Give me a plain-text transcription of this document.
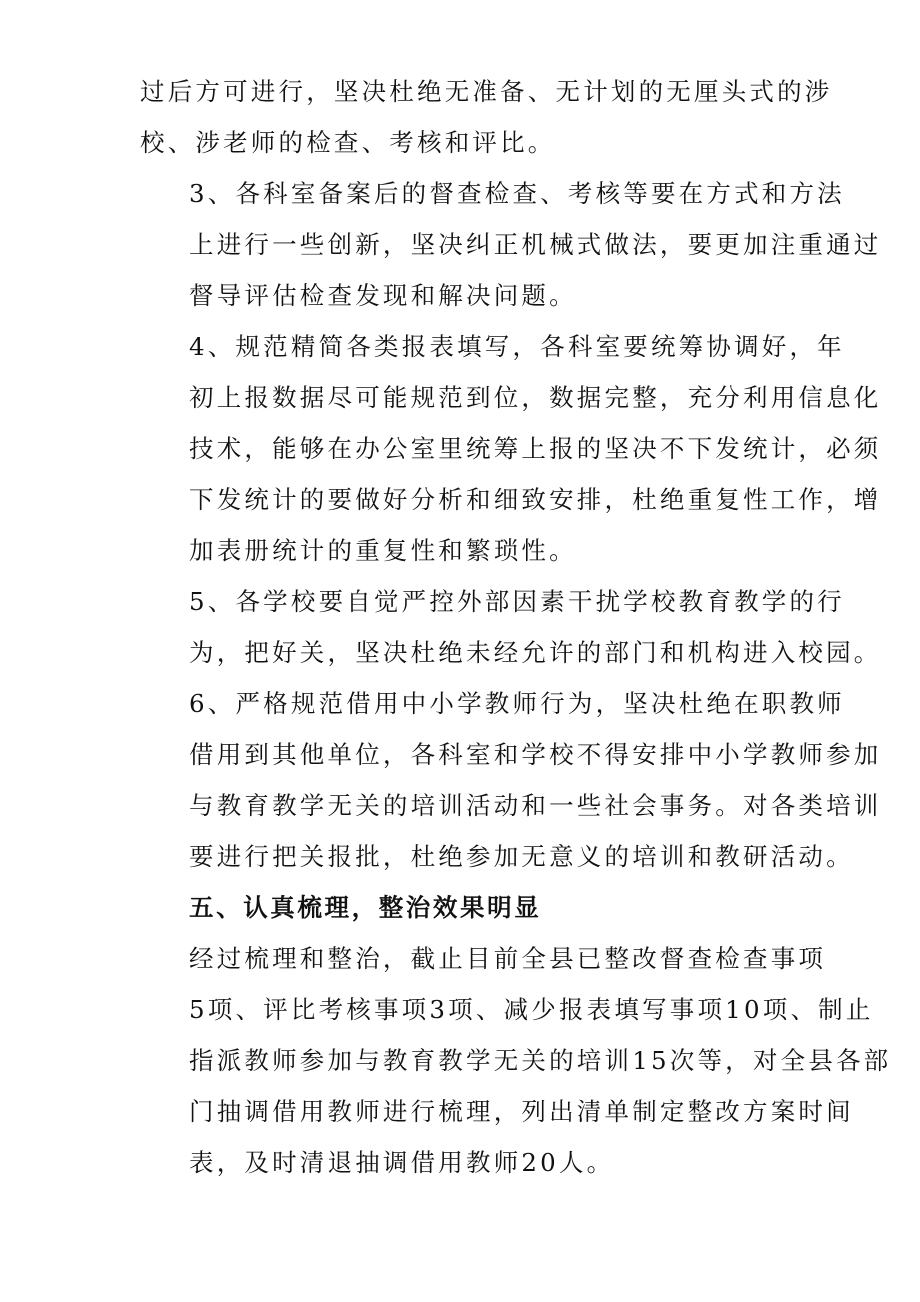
过后方可进行，坚决杜绝无准备、无计划的无厘头式的涉
校、涉老师的检查、考核和评比。
3、各科室备案后的督查检查、考核等要在方式和方法
上进行一些创新，坚决纠正机械式做法，要更加注重通过
督导评估检查发现和解决问题。
4、规范精简各类报表填写，各科室要统筹协调好，年
初上报数据尽可能规范到位，数据完整，充分利用信息化
技术，能够在办公室里统筹上报的坚决不下发统计，必须
下发统计的要做好分析和细致安排，杜绝重复性工作，增
加表册统计的重复性和繁琐性。
5、各学校要自觉严控外部因素干扰学校教育教学的行
为，把好关，坚决杜绝未经允许的部门和机构进入校园。
6、严格规范借用中小学教师行为，坚决杜绝在职教师
借用到其他单位，各科室和学校不得安排中小学教师参加
与教育教学无关的培训活动和一些社会事务。对各类培训
要进行把关报批，杜绝参加无意义的培训和教研活动。
五、认真梳理，整治效果明显
经过梳理和整治，截止目前全县已整改督查检查事项
5项、评比考核事项3项、减少报表填写事项10项、制止
指派教师参加与教育教学无关的培训15次等，对全县各部
门抽调借用教师进行梳理，列出清单制定整改方案时间
表，及时清退抽调借用教师20人。
